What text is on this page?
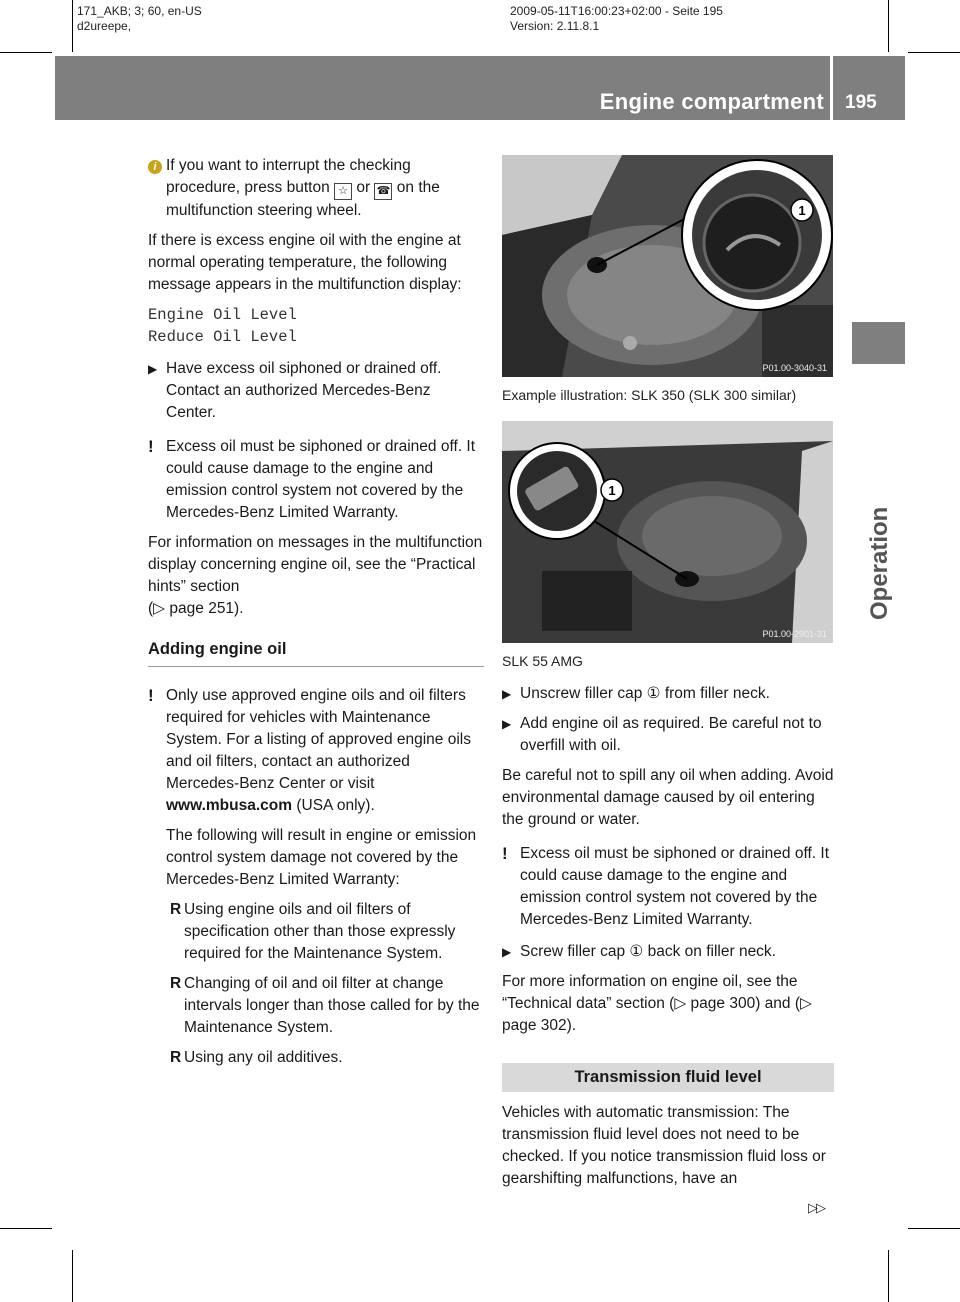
171_AKB; 3; 60, en-US
d2ureepe,
2009-05-11T16:00:23+02:00 - Seite 195
Version: 2.11.8.1
Engine compartment 195
Operation

i If you want to interrupt the checking procedure, press button ☆ or ☎ on the multifunction steering wheel.

If there is excess engine oil with the engine at normal operating temperature, the following message appears in the multifunction display:

Engine Oil Level
Reduce Oil Level

▶ Have excess oil siphoned or drained off. Contact an authorized Mercedes-Benz Center.

! Excess oil must be siphoned or drained off. It could cause damage to the engine and emission control system not covered by the Mercedes-Benz Limited Warranty.

For information on messages in the multifunction display concerning engine oil, see the “Practical hints” section
(▷ page 251).

Adding engine oil
! Only use approved engine oils and oil filters required for vehicles with Maintenance System. For a listing of approved engine oils and oil filters, contact an authorized Mercedes-Benz Center or visit www.mbusa.com (USA only).

The following will result in engine or emission control system damage not covered by the Mercedes-Benz Limited Warranty:

R Using engine oils and oil filters of specification other than those expressly required for the Maintenance System.
R Changing of oil and oil filter at change intervals longer than those called for by the Maintenance System.
R Using any oil additives.
1
P01.00-3040-31
Example illustration: SLK 350 (SLK 300 similar)
1
P01.00-2901-31
SLK 55 AMG

▶ Unscrew filler cap ① from filler neck.

▶ Add engine oil as required. Be careful not to overfill with oil.

Be careful not to spill any oil when adding. Avoid environmental damage caused by oil entering the ground or water.

! Excess oil must be siphoned or drained off. It could cause damage to the engine and emission control system not covered by the Mercedes-Benz Limited Warranty.

▶ Screw filler cap ① back on filler neck.

For more information on engine oil, see the “Technical data” section (▷ page 300) and (▷ page 302).

Transmission fluid level

Vehicles with automatic transmission: The transmission fluid level does not need to be checked. If you notice transmission fluid loss or gearshifting malfunctions, have an

▷▷
